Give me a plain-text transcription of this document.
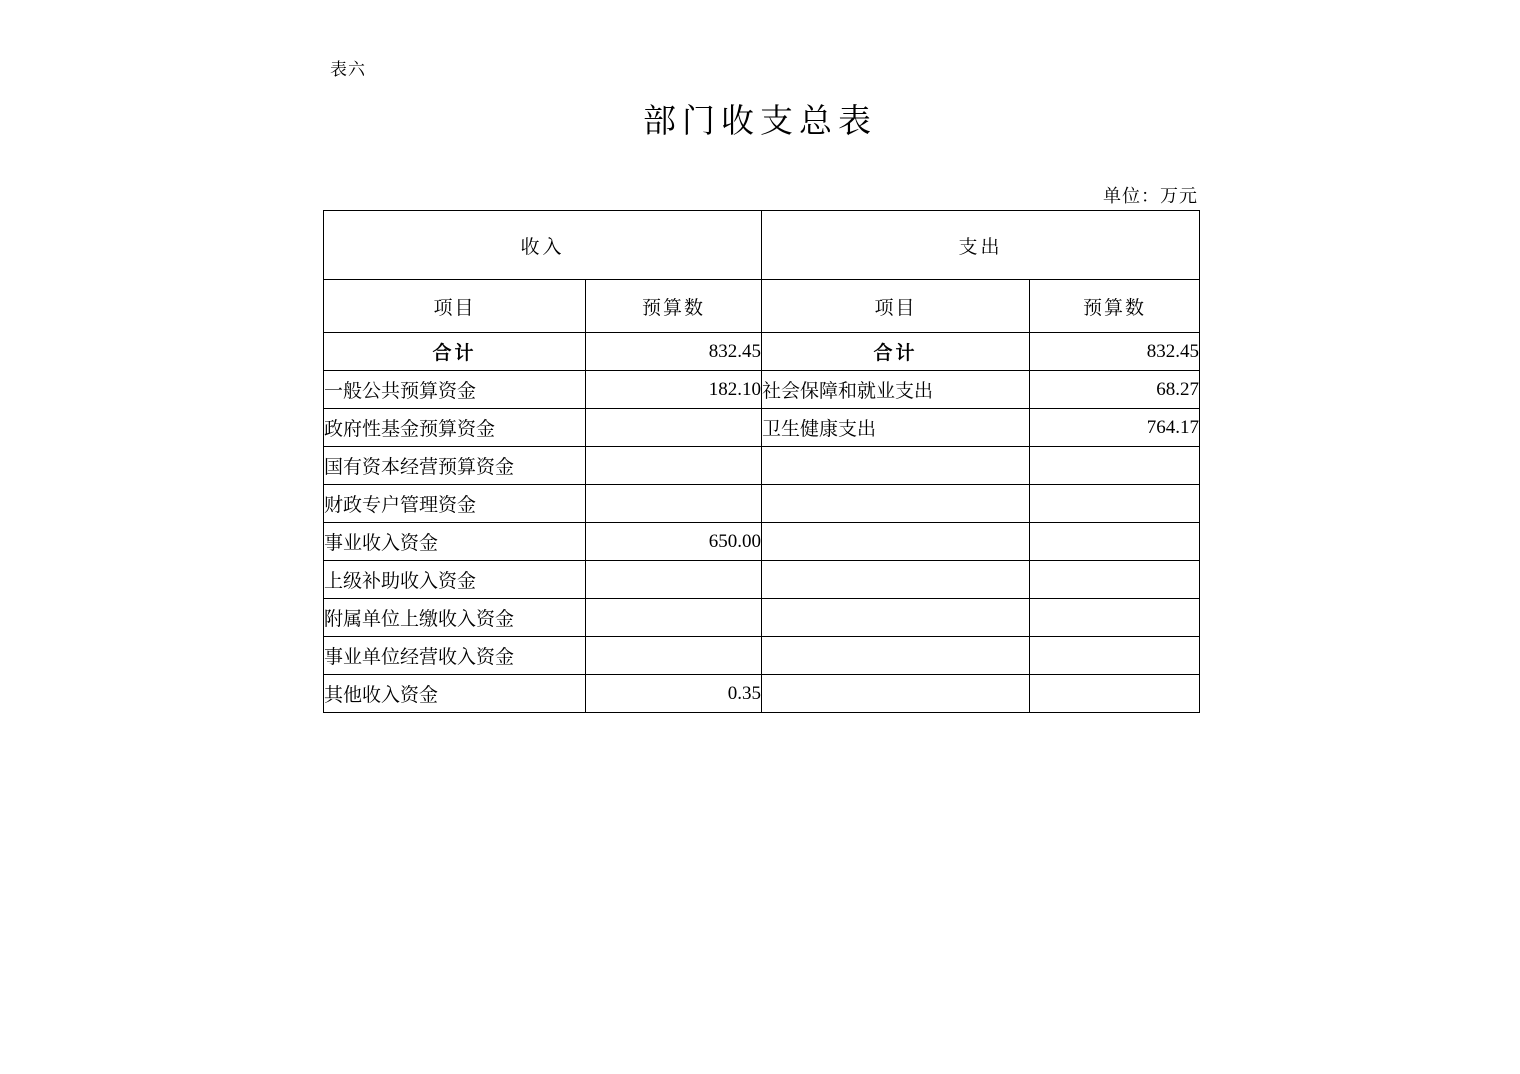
表六
部门收支总表
单位：万元
收入		支出	
项目	预算数	项目	预算数
合计	832.45	合计	832.45
一般公共预算资金	182.10	社会保障和就业支出	68.27
政府性基金预算资金		卫生健康支出	764.17
国有资本经营预算资金			
财政专户管理资金			
事业收入资金	650.00		
上级补助收入资金			
附属单位上缴收入资金			
事业单位经营收入资金			
其他收入资金	0.35		
